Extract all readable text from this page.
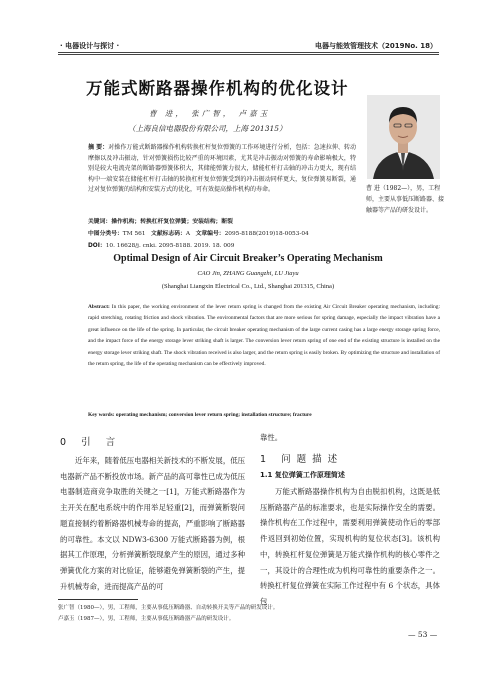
· 电器设计与探讨 ·	电器与能效管理技术（2019No. 18）
万能式断路器操作机构的优化设计
曹 进， 张广智， 卢嘉玉
（上海良信电器股份有限公司，上海 201315）
摘 要：对操作万能式断路器操作机构转换杠杆复位弹簧的工作环境进行分析，包括：急速拉伸、转动摩擦以及冲击振动，针对弹簧损伤比较严重的环境因素，尤其是冲击振动对弹簧的寿命影响极大，特别是较大电流壳架的断路器弹簧体积大，其储能弹簧力很大，储能杠杆打击轴的冲击力更大，现有结构中一端安装在储能杠杆打击轴的转换杠杆复位弹簧受到的冲击振动同样更大，复位弹簧易断裂，通过对复位弹簧的结构和安装方式的优化，可有效提高操作机构的寿命。
关键词：操作机构；转换杠杆复位弹簧；安装结构；断裂
中图分类号：TM 561 文献标志码：A 文章编号：2095-8188(2019)18-0053-04
DOI：10. 16628/j. cnki. 2095-8188. 2019. 18. 009
曹 进（1982—），男，工程师，主要从事低压断路器、接触器等产品的研发设计。
Optimal Design of Air Circuit Breaker’s Operating Mechanism
CAO Jin, ZHANG Guangzhi, LU Jiayu
(Shanghai Liangxin Electrical Co., Ltd., Shanghai 201315, China)
Abstract: In this paper, the working environment of the lever return spring is changed from the existing Air Circuit Breaker operating mechanism, including: rapid stretching, rotating friction and shock vibration. The environmental factors that are more serious for spring damage, especially the impact vibration have a great influence on the life of the spring. In particular, the circuit breaker operating mechanism of the large current casing has a large energy storage spring force, and the impact force of the energy storage lever striking shaft is larger. The conversion lever return spring of one end of the existing structure is installed on the energy storage lever striking shaft. The shock vibration received is also larger, and the return spring is easily broken. By optimizing the structure and installation of the return spring, the life of the operating mechanism can be effectively improved.
Key words: operating mechanism; conversion lever return spring; installation structure; fracture
0 引 言
近年来，随着低压电器相关新技术的不断发展，低压电器新产品不断投放市场。新产品的高可靠性已成为低压电器制造商竞争取胜的关键之一[1]，万能式断路器作为主开关在配电系统中的作用举足轻重[2]，而弹簧断裂问题直接制约着断路器机械寿命的提高，严重影响了断路器的可靠性。本文以 NDW3-6300 万能式断路器为例，根据其工作原理，分析弹簧断裂现象产生的原因，通过多种弹簧优化方案的对比验证，能够避免弹簧断裂的产生，提升机械寿命，进而提高产品的可
靠性。
1 问题描述
1.1 复位弹簧工作原理简述
万能式断路器操作机构为自由脱扣机构，这既是低压断路器产品的标准要求，也是实际操作安全的需要。操作机构在工作过程中，需要利用弹簧使动作后的零部件返回到初始位置，实现机构的复位状态[3]。该机构中，转换杠杆复位弹簧是万能式操作机构的核心零件之一，其设计的合理性成为机构可靠性的重要条件之一。转换杠杆复位弹簧在实际工作过程中有 6 个状态，具体包
张广智（1980—），男，工程师，主要从事低压断路器、自动转换开关等产品的研发设计。
卢嘉玉（1987—），男，工程师，主要从事低压断路器产品的研发设计。
— 53 —
